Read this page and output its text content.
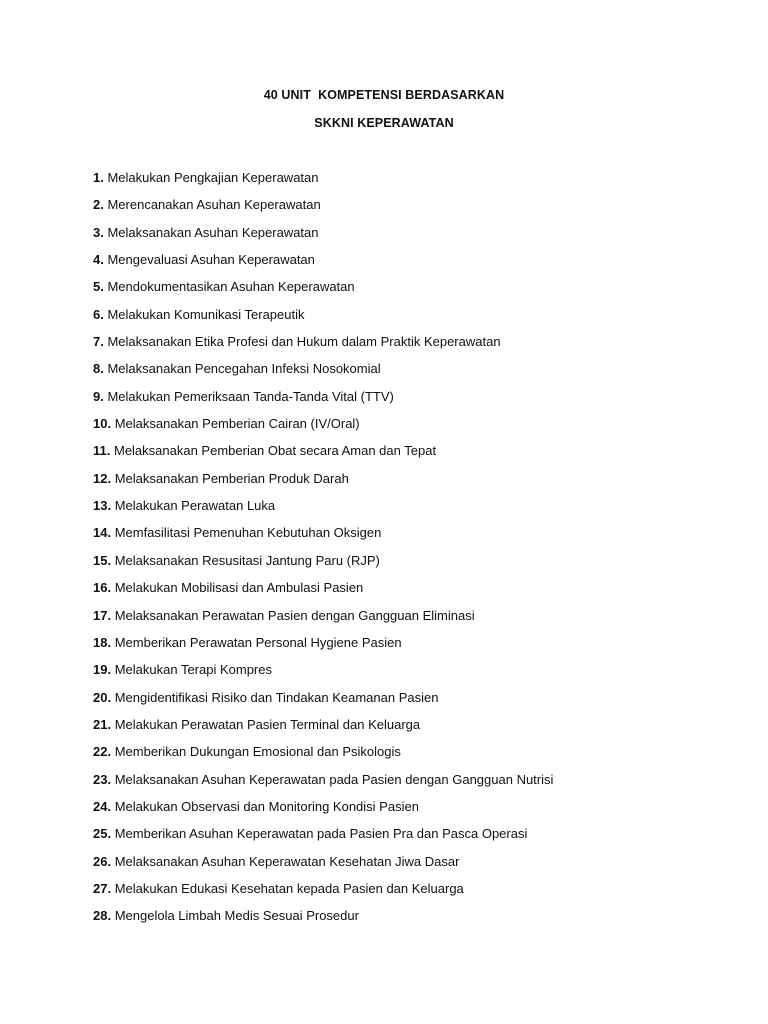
40 UNIT  KOMPETENSI BERDASARKAN
SKKNI KEPERAWATAN
1. Melakukan Pengkajian Keperawatan
2. Merencanakan Asuhan Keperawatan
3. Melaksanakan Asuhan Keperawatan
4. Mengevaluasi Asuhan Keperawatan
5. Mendokumentasikan Asuhan Keperawatan
6. Melakukan Komunikasi Terapeutik
7. Melaksanakan Etika Profesi dan Hukum dalam Praktik Keperawatan
8. Melaksanakan Pencegahan Infeksi Nosokomial
9. Melakukan Pemeriksaan Tanda-Tanda Vital (TTV)
10. Melaksanakan Pemberian Cairan (IV/Oral)
11. Melaksanakan Pemberian Obat secara Aman dan Tepat
12. Melaksanakan Pemberian Produk Darah
13. Melakukan Perawatan Luka
14. Memfasilitasi Pemenuhan Kebutuhan Oksigen
15. Melaksanakan Resusitasi Jantung Paru (RJP)
16. Melakukan Mobilisasi dan Ambulasi Pasien
17. Melaksanakan Perawatan Pasien dengan Gangguan Eliminasi
18. Memberikan Perawatan Personal Hygiene Pasien
19. Melakukan Terapi Kompres
20. Mengidentifikasi Risiko dan Tindakan Keamanan Pasien
21. Melakukan Perawatan Pasien Terminal dan Keluarga
22. Memberikan Dukungan Emosional dan Psikologis
23. Melaksanakan Asuhan Keperawatan pada Pasien dengan Gangguan Nutrisi
24. Melakukan Observasi dan Monitoring Kondisi Pasien
25. Memberikan Asuhan Keperawatan pada Pasien Pra dan Pasca Operasi
26. Melaksanakan Asuhan Keperawatan Kesehatan Jiwa Dasar
27. Melakukan Edukasi Kesehatan kepada Pasien dan Keluarga
28. Mengelola Limbah Medis Sesuai Prosedur
